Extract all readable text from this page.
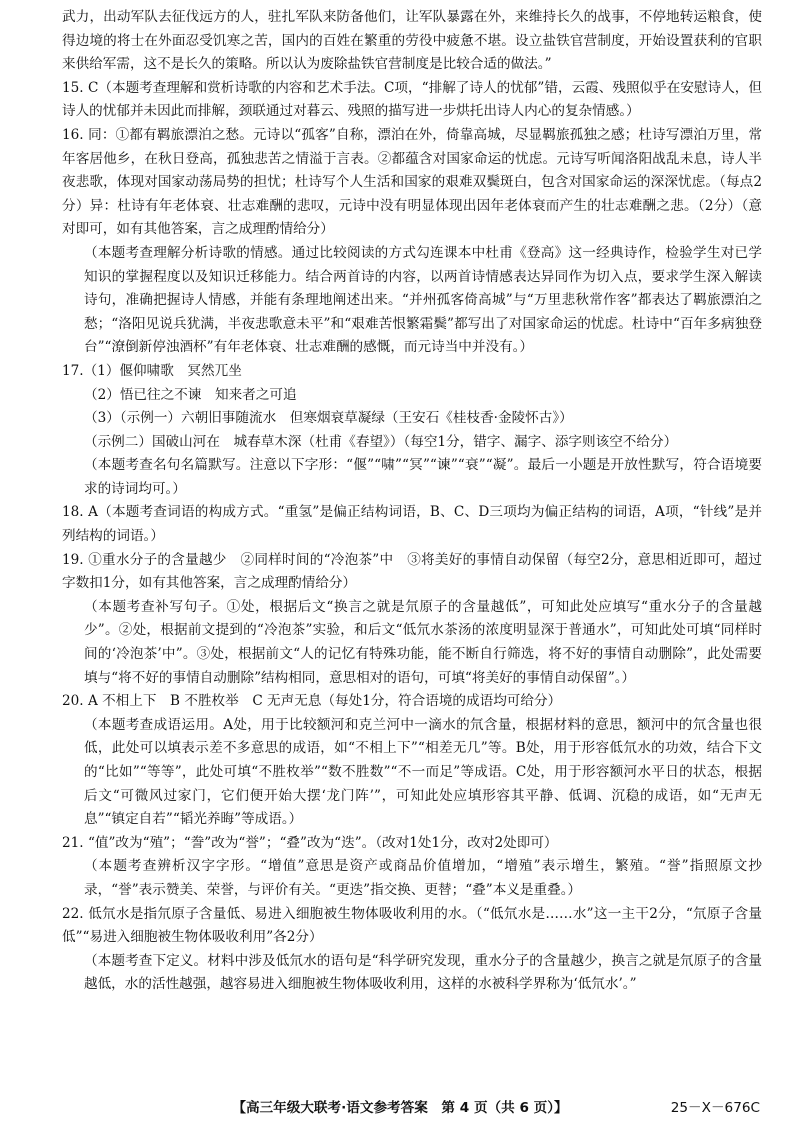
武力，出动军队去征伐远方的人，驻扎军队来防备他们，让军队暴露在外，来维持长久的战事，不停地转运粮食，使得边境的将士在外面忍受饥寒之苦，国内的百姓在繁重的劳役中疲惫不堪。设立盐铁官营制度，开始设置获利的官职来供给军需，这不是长久的策略。所以认为废除盐铁官营制度是比较合适的做法。”

15. C（本题考查理解和赏析诗歌的内容和艺术手法。C项，“排解了诗人的忧郁”错，云霞、残照似乎在安慰诗人，但诗人的忧郁并未因此而排解，颈联通过对暮云、残照的描写进一步烘托出诗人内心的复杂情感。）

16. 同：①都有羁旅漂泊之愁。元诗以“孤客”自称，漂泊在外，倚靠高城，尽显羁旅孤独之感；杜诗写漂泊万里，常年客居他乡，在秋日登高，孤独悲苦之情溢于言表。②都蕴含对国家命运的忧虑。元诗写听闻洛阳战乱未息，诗人半夜悲歌，体现对国家动荡局势的担忧；杜诗写个人生活和国家的艰难双鬓斑白，包含对国家命运的深深忧虑。（每点2分）异：杜诗有年老体衰、壮志难酬的悲叹，元诗中没有明显体现出因年老体衰而产生的壮志难酬之悲。（2分）（意对即可，如有其他答案，言之成理酌情给分）

（本题考查理解分析诗歌的情感。通过比较阅读的方式勾连课本中杜甫《登高》这一经典诗作，检验学生对已学知识的掌握程度以及知识迁移能力。结合两首诗的内容，以两首诗情感表达异同作为切入点，要求学生深入解读诗句，准确把握诗人情感，并能有条理地阐述出来。“并州孤客倚高城”与“万里悲秋常作客”都表达了羁旅漂泊之愁；“洛阳见说兵犹满，半夜悲歌意未平”和“艰难苦恨繁霜鬓”都写出了对国家命运的忧虑。杜诗中“百年多病独登台”“潦倒新停浊酒杯”有年老体衰、壮志难酬的感慨，而元诗当中并没有。）

17.（1）偃仰啸歌　冥然兀坐

（2）悟已往之不谏　知来者之可追

（3）（示例一）六朝旧事随流水　但寒烟衰草凝绿（王安石《桂枝香·金陵怀古》）

（示例二）国破山河在　城春草木深（杜甫《春望》）（每空1分，错字、漏字、添字则该空不给分）

（本题考查名句名篇默写。注意以下字形：“偃”“啸”“冥”“谏”“衰”“凝”。最后一小题是开放性默写，符合语境要求的诗词均可。）

18. A（本题考查词语的构成方式。“重氢”是偏正结构词语，B、C、D三项均为偏正结构的词语，A项，“针线”是并列结构的词语。）

19. ①重水分子的含量越少　②同样时间的“冷泡茶”中　③将美好的事情自动保留（每空2分，意思相近即可，超过字数扣1分，如有其他答案，言之成理酌情给分）

（本题考查补写句子。①处，根据后文“换言之就是氘原子的含量越低”，可知此处应填写“重水分子的含量越少”。②处，根据前文提到的“冷泡茶”实验，和后文“低氘水茶汤的浓度明显深于普通水”，可知此处可填“同样时间的‘冷泡茶’中”。③处，根据前文“人的记忆有特殊功能，能不断自行筛选，将不好的事情自动删除”，此处需要填与“将不好的事情自动删除”结构相同，意思相对的语句，可填“将美好的事情自动保留”。）

20. A 不相上下　B 不胜枚举　C 无声无息（每处1分，符合语境的成语均可给分）

（本题考查成语运用。A处，用于比较额河和克兰河中一滴水的氘含量，根据材料的意思，额河中的氘含量也很低，此处可以填表示差不多意思的成语，如“不相上下”“相差无几”等。B处，用于形容低氘水的功效，结合下文的“比如”“等等”，此处可填“不胜枚举”“数不胜数”“不一而足”等成语。C处，用于形容额河水平日的状态，根据后文“可微风过家门，它们便开始大摆‘龙门阵’”，可知此处应填形容其平静、低调、沉稳的成语，如“无声无息”“镇定自若”“韬光养晦”等成语。）

21. “值”改为“殖”；“誊”改为“誉”；“叠”改为“迭”。（改对1处1分，改对2处即可）

（本题考查辨析汉字字形。“增值”意思是资产或商品价值增加，“增殖”表示增生，繁殖。“誉”指照原文抄录，“誉”表示赞美、荣誉，与评价有关。“更迭”指交换、更替；“叠”本义是重叠。）

22. 低氘水是指氘原子含量低、易进入细胞被生物体吸收利用的水。（“低氘水是……水”这一主干2分，“氘原子含量低”“易进入细胞被生物体吸收利用”各2分）

（本题考查下定义。材料中涉及低氘水的语句是“科学研究发现，重水分子的含量越少，换言之就是氘原子的含量越低，水的活性越强，越容易进入细胞被生物体吸收利用，这样的水被科学界称为‘低氘水’。”

【高三年级大联考·语文参考答案　第 4 页（共 6 页）】	25－X－676C
